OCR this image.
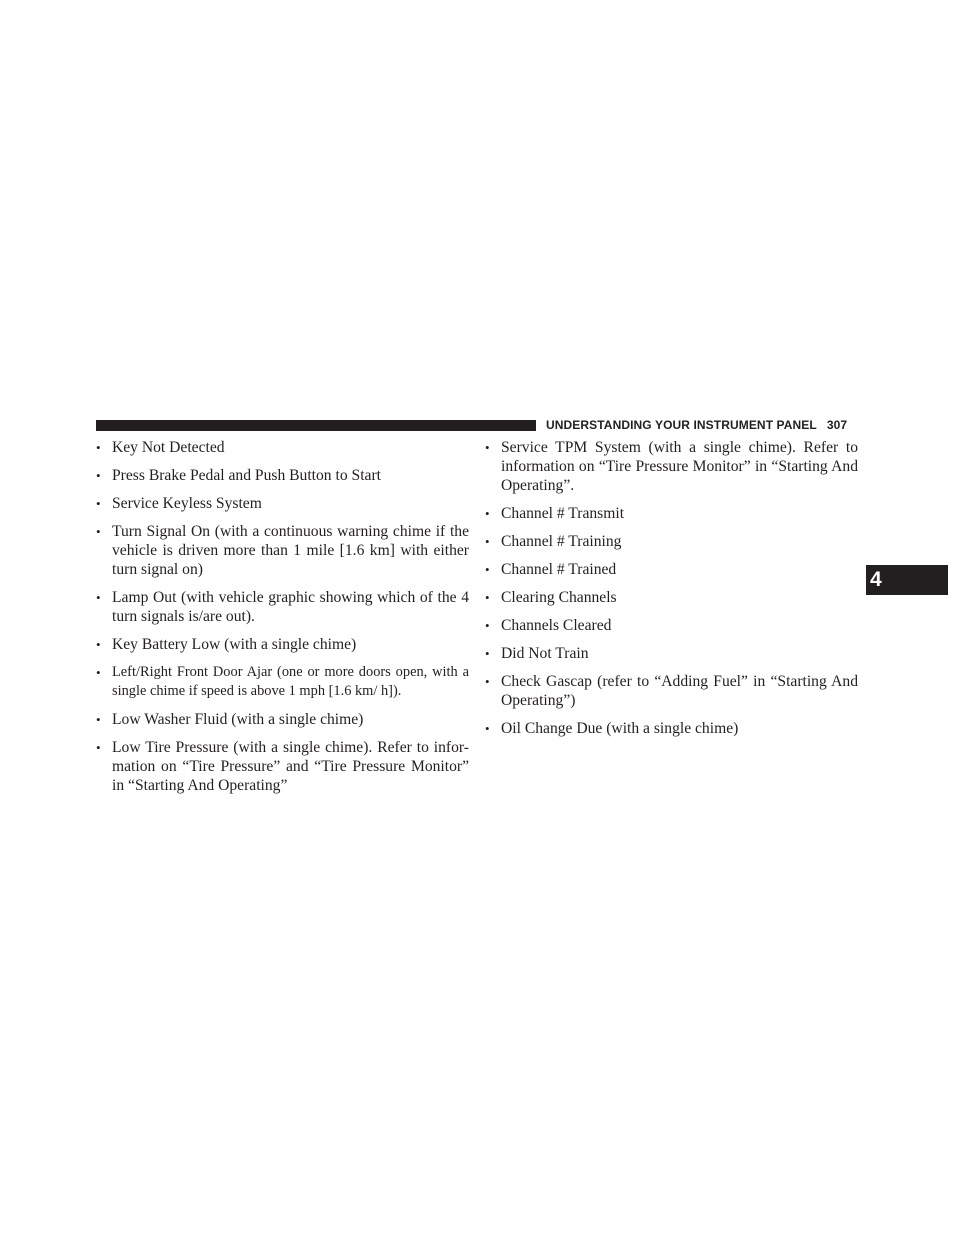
UNDERSTANDING YOUR INSTRUMENT PANEL 307
4
• Key Not Detected
• Press Brake Pedal and Push Button to Start
• Service Keyless System
• Turn Signal On (with a continuous warning chime if the vehicle is driven more than 1 mile [1.6 km] with either turn signal on)
• Lamp Out (with vehicle graphic showing which of the 4 turn signals is/are out).
• Key Battery Low (with a single chime)
• Left/Right Front Door Ajar (one or more doors open, with a single chime if speed is above 1 mph [1.6 km/ h]).
• Low Washer Fluid (with a single chime)
• Low Tire Pressure (with a single chime). Refer to infor-mation on “Tire Pressure” and “Tire Pressure Monitor” in “Starting And Operating”
• Service TPM System (with a single chime). Refer to information on “Tire Pressure Monitor” in “Starting And Operating”.
• Channel # Transmit
• Channel # Training
• Channel # Trained
• Clearing Channels
• Channels Cleared
• Did Not Train
• Check Gascap (refer to “Adding Fuel” in “Starting And Operating”)
• Oil Change Due (with a single chime)
